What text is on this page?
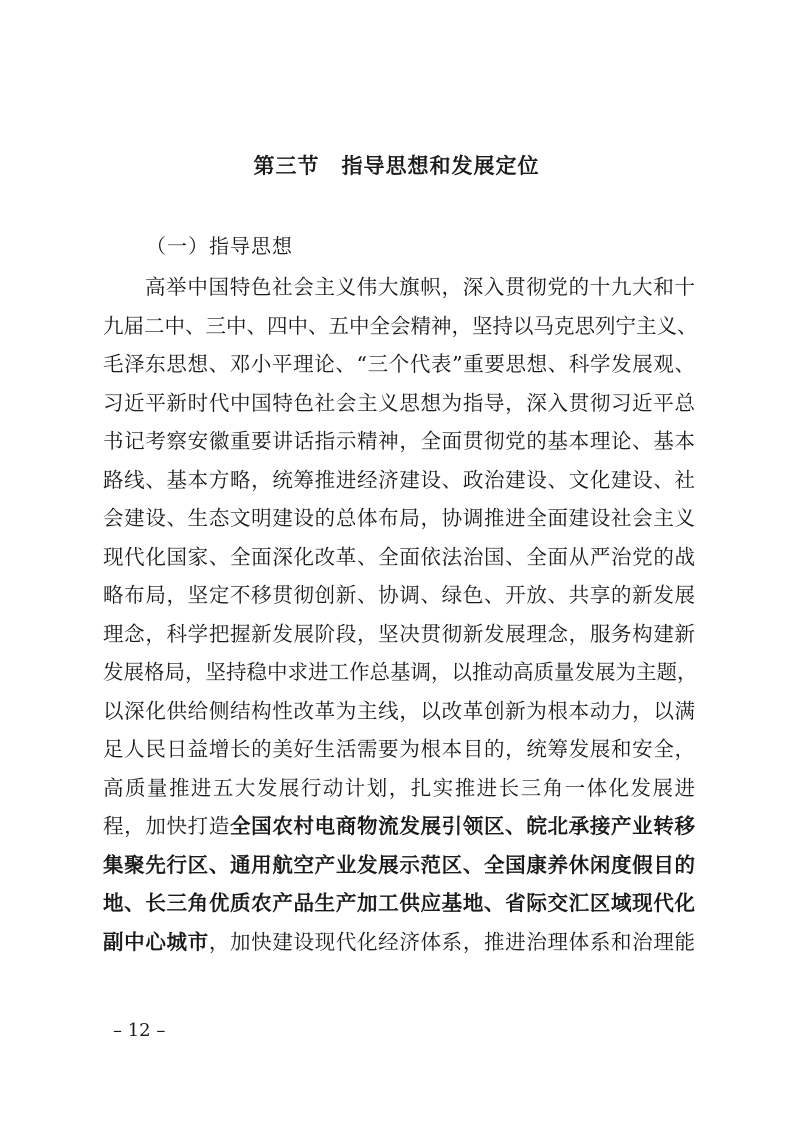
第三节　指导思想和发展定位
（一）指导思想
高举中国特色社会主义伟大旗帜，深入贯彻党的十九大和十
九届二中、三中、四中、五中全会精神，坚持以马克思列宁主义、
毛泽东思想、邓小平理论、“三个代表”重要思想、科学发展观、
习近平新时代中国特色社会主义思想为指导，深入贯彻习近平总
书记考察安徽重要讲话指示精神，全面贯彻党的基本理论、基本
路线、基本方略，统筹推进经济建设、政治建设、文化建设、社
会建设、生态文明建设的总体布局，协调推进全面建设社会主义
现代化国家、全面深化改革、全面依法治国、全面从严治党的战
略布局，坚定不移贯彻创新、协调、绿色、开放、共享的新发展
理念，科学把握新发展阶段，坚决贯彻新发展理念，服务构建新
发展格局，坚持稳中求进工作总基调，以推动高质量发展为主题，
以深化供给侧结构性改革为主线，以改革创新为根本动力，以满
足人民日益增长的美好生活需要为根本目的，统筹发展和安全，
高质量推进五大发展行动计划，扎实推进长三角一体化发展进
程，加快打造全国农村电商物流发展引领区、皖北承接产业转移
集聚先行区、通用航空产业发展示范区、全国康养休闲度假目的
地、长三角优质农产品生产加工供应基地、省际交汇区域现代化
副中心城市，加快建设现代化经济体系，推进治理体系和治理能
– 12 –
